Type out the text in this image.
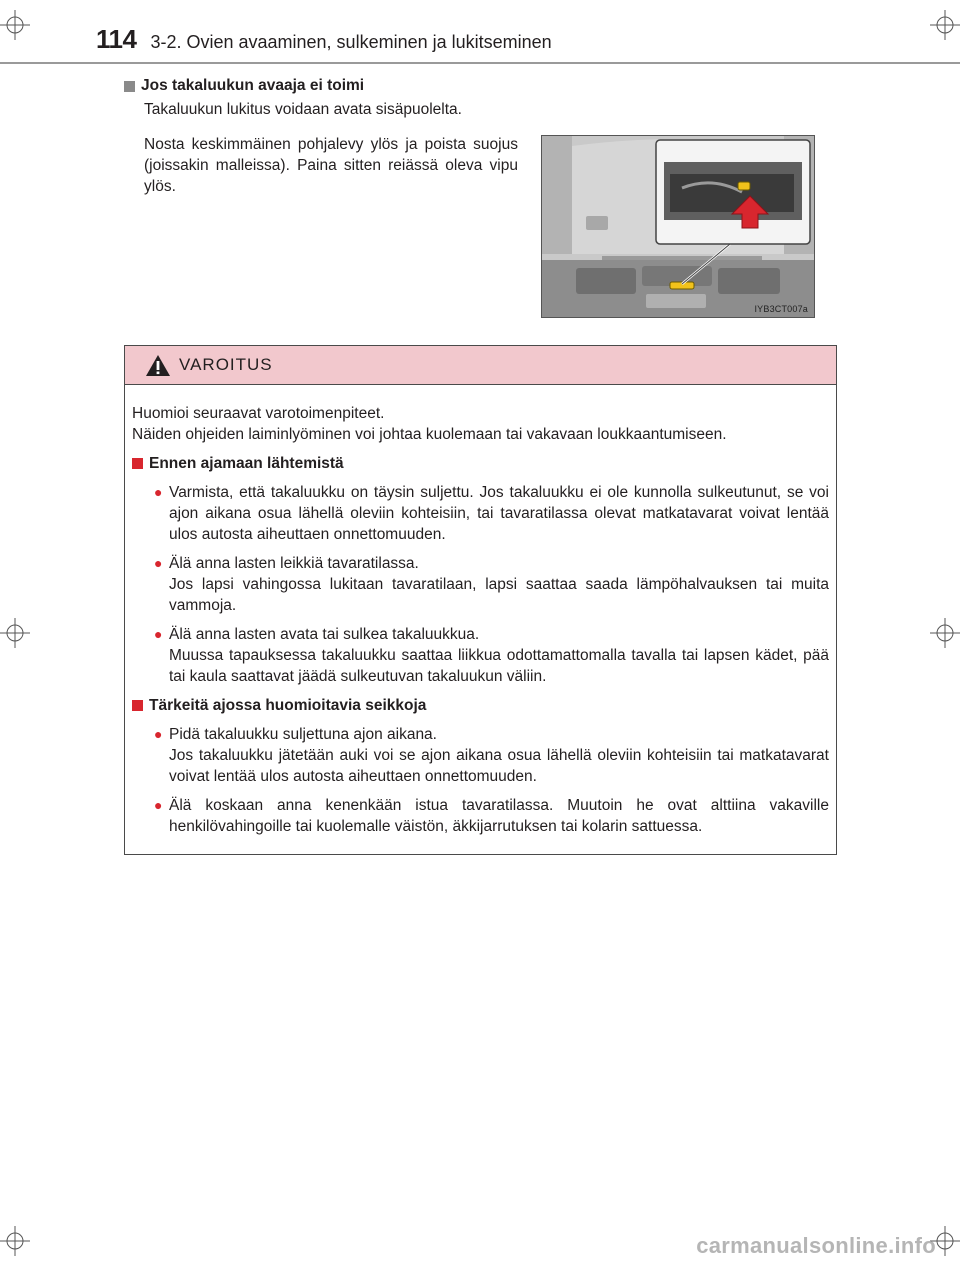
114 3-2. Ovien avaaminen, sulkeminen ja lukitseminen
Jos takaluukun avaaja ei toimi
Takaluukun lukitus voidaan avata sisäpuolelta.
Nosta keskimmäinen pohjalevy ylös ja poista suojus (joissakin malleissa). Paina sitten reiässä oleva vipu ylös.
IYB3CT007a
VAROITUS

Huomioi seuraavat varotoimenpiteet.

Näiden ohjeiden laiminlyöminen voi johtaa kuolemaan tai vakavaan loukkaantumiseen.

Ennen ajamaan lähtemistä
● Varmista, että takaluukku on täysin suljettu. Jos takaluukku ei ole kunnolla sulkeutunut, se voi ajon aikana osua lähellä oleviin kohteisiin, tai tavaratilassa olevat matkatavarat voivat lentää ulos autosta aiheuttaen onnettomuuden.
● Älä anna lasten leikkiä tavaratilassa.
Jos lapsi vahingossa lukitaan tavaratilaan, lapsi saattaa saada lämpöhalvauksen tai muita vammoja.
● Älä anna lasten avata tai sulkea takaluukkua.
Muussa tapauksessa takaluukku saattaa liikkua odottamattomalla tavalla tai lapsen kädet, pää tai kaula saattavat jäädä sulkeutuvan takaluukun väliin.
Tärkeitä ajossa huomioitavia seikkoja
● Pidä takaluukku suljettuna ajon aikana.
Jos takaluukku jätetään auki voi se ajon aikana osua lähellä oleviin kohteisiin tai matkatavarat voivat lentää ulos autosta aiheuttaen onnettomuuden.
● Älä koskaan anna kenenkään istua tavaratilassa. Muutoin he ovat alttiina vakaville henkilövahingoille tai kuolemalle väistön, äkkijarrutuksen tai kolarin sattuessa.
carmanualsonline.info
